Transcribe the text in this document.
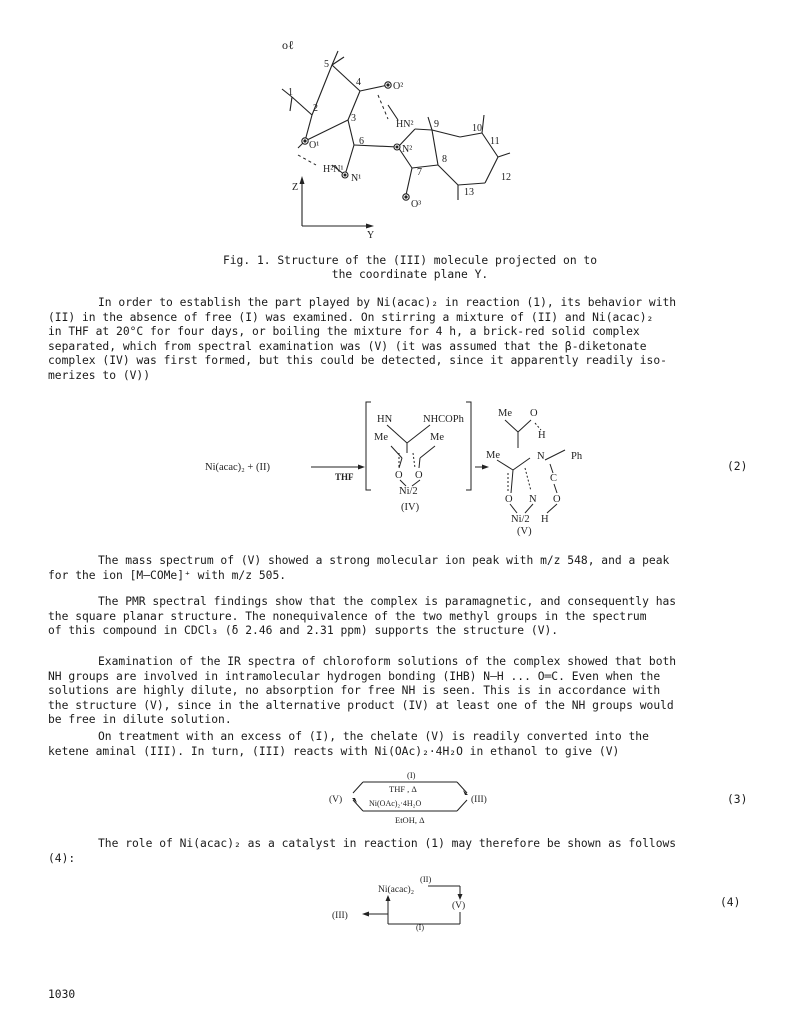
oℓ
1
2
3
4
5
6
7
8
9	10
11
12
13
O²
O¹
HN²
N²
H²N¹
N¹
O³
Z
Y
Fig. 1. Structure of the (III) molecule projected on to
the coordinate plane Y.
In order to establish the part played by Ni(acac)₂ in reaction (1), its behavior with
(II) in the absence of free (I) was examined. On stirring a mixture of (II) and Ni(acac)₂
in THF at 20°C for four days, or boiling the mixture for 4 h, a brick-red solid complex
separated, which from spectral examination was (V) (it was assumed that the β-diketonate
complex (IV) was first formed, but this could be detected, since it apparently readily iso-
merizes to (V))
Ni(acac)₂ + (II)
THF
HN	NHCOPh
Me	Me
O O
Ni/2
(IV)
Me O
H
Me	N	Ph
C
O N O
Ni/2 H
(V)
(2)
The mass spectrum of (V) showed a strong molecular ion peak with m/z 548, and a peak
for the ion [M—COMe]⁺ with m/z 505.
The PMR spectral findings show that the complex is paramagnetic, and consequently has
the square planar structure. The nonequivalence of the two methyl groups in the spectrum
of this compound in CDCl₃ (δ 2.46 and 2.31 ppm) supports the structure (V).
Examination of the IR spectra of chloroform solutions of the complex showed that both
NH groups are involved in intramolecular hydrogen bonding (IHB) N—H ... O═C. Even when the
solutions are highly dilute, no absorption for free NH is seen. This is in accordance with
the structure (V), since in the alternative product (IV) at least one of the NH groups would
be free in dilute solution.
On treatment with an excess of (I), the chelate (V) is readily converted into the
ketene aminal (III). In turn, (III) reacts with Ni(OAc)₂·4H₂O in ethanol to give (V)
(I)
(V)	(III)
THF , Δ
Ni(OAc)₂·4H₂O
EtOH, Δ
(3)
The role of Ni(acac)₂ as a catalyst in reaction (1) may therefore be shown as follows
(4):
(II)
Ni(acac)₂
(V)
(III)
(I)
(4)
1030
